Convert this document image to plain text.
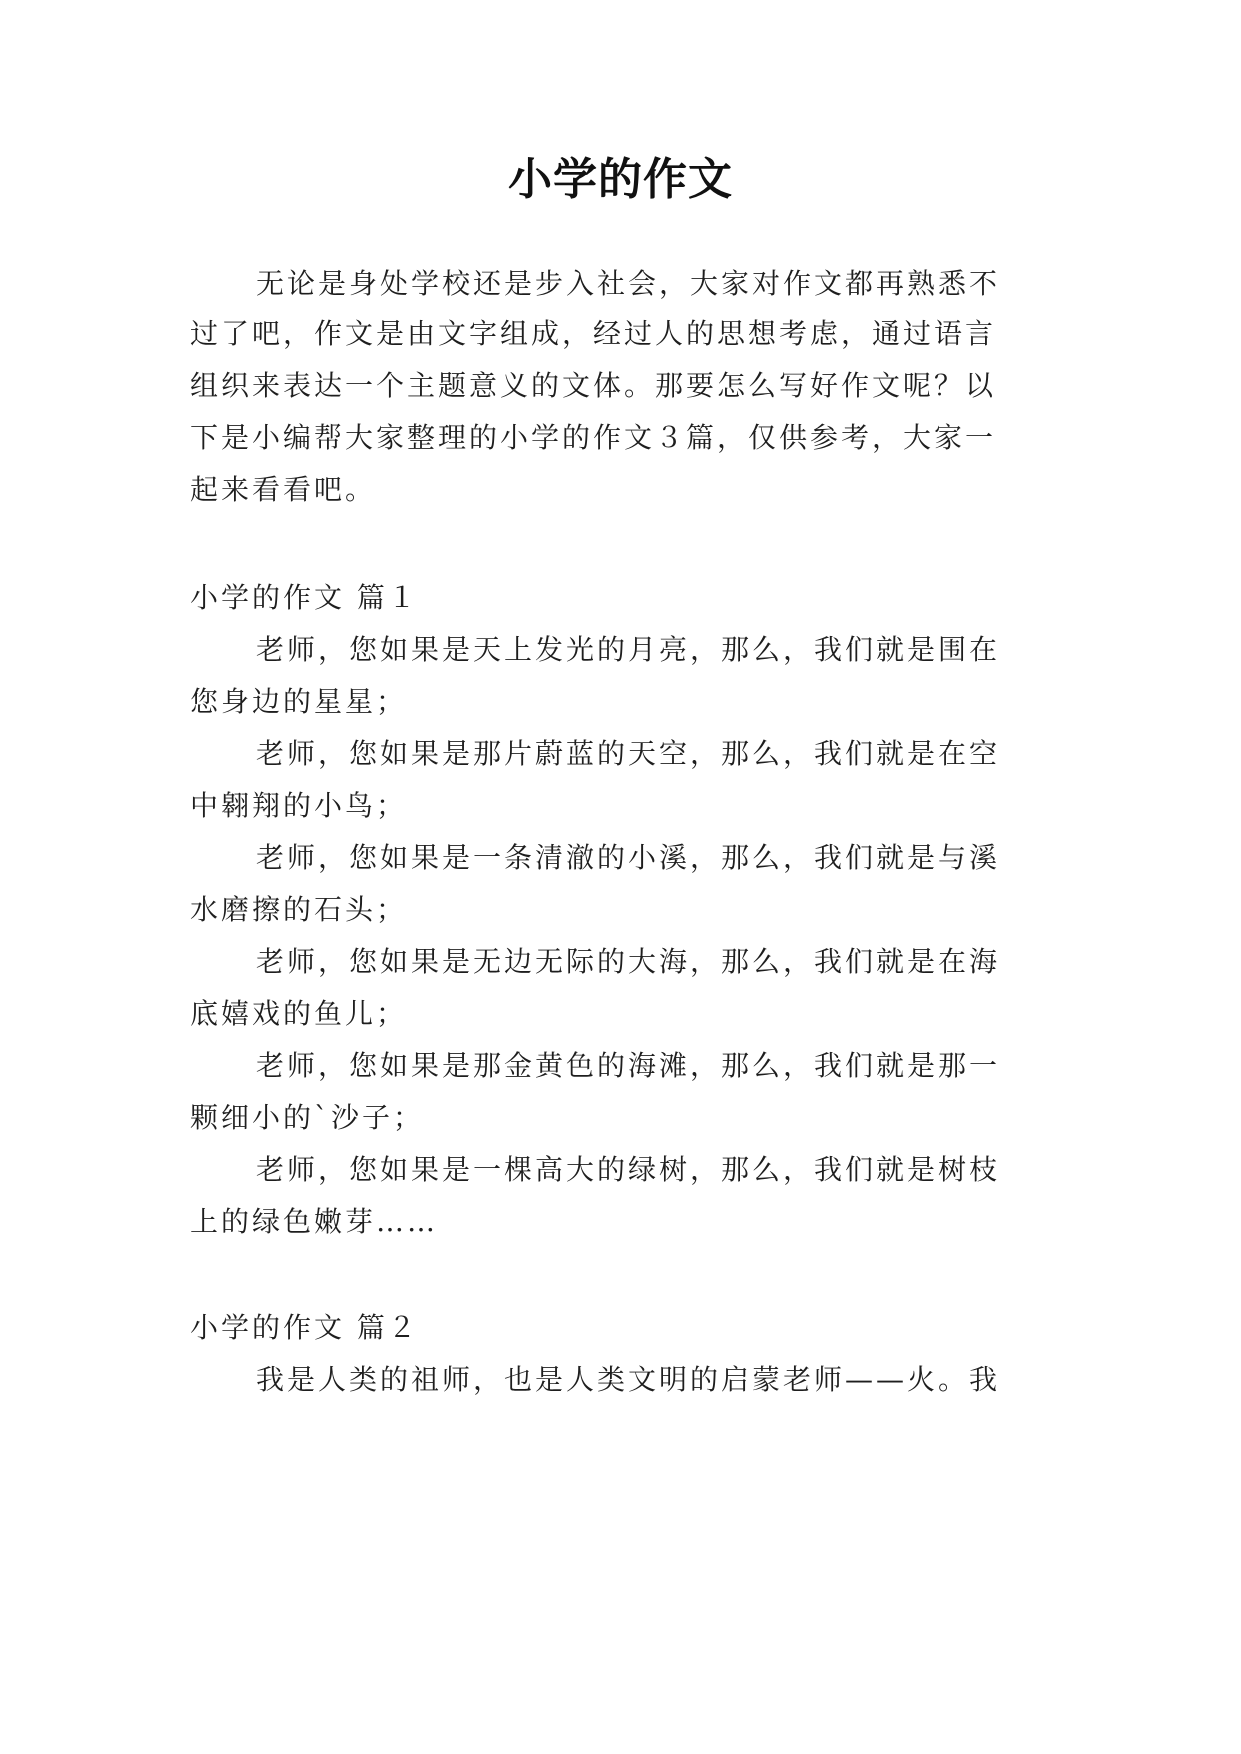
小学的作文
无论是身处学校还是步入社会，大家对作文都再熟悉不
过了吧，作文是由文字组成，经过人的思想考虑，通过语言
组织来表达一个主题意义的文体。那要怎么写好作文呢？以
下是小编帮大家整理的小学的作文３篇，仅供参考，大家一
起来看看吧。
小学的作文 篇１
老师，您如果是天上发光的月亮，那么，我们就是围在
您身边的星星；
老师，您如果是那片蔚蓝的天空，那么，我们就是在空
中翱翔的小鸟；
老师，您如果是一条清澈的小溪，那么，我们就是与溪
水磨擦的石头；
老师，您如果是无边无际的大海，那么，我们就是在海
底嬉戏的鱼儿；
老师，您如果是那金黄色的海滩，那么，我们就是那一
颗细小的`沙子；
老师，您如果是一棵高大的绿树，那么，我们就是树枝
上的绿色嫩芽……
小学的作文 篇２
我是人类的祖师，也是人类文明的启蒙老师——火。我
